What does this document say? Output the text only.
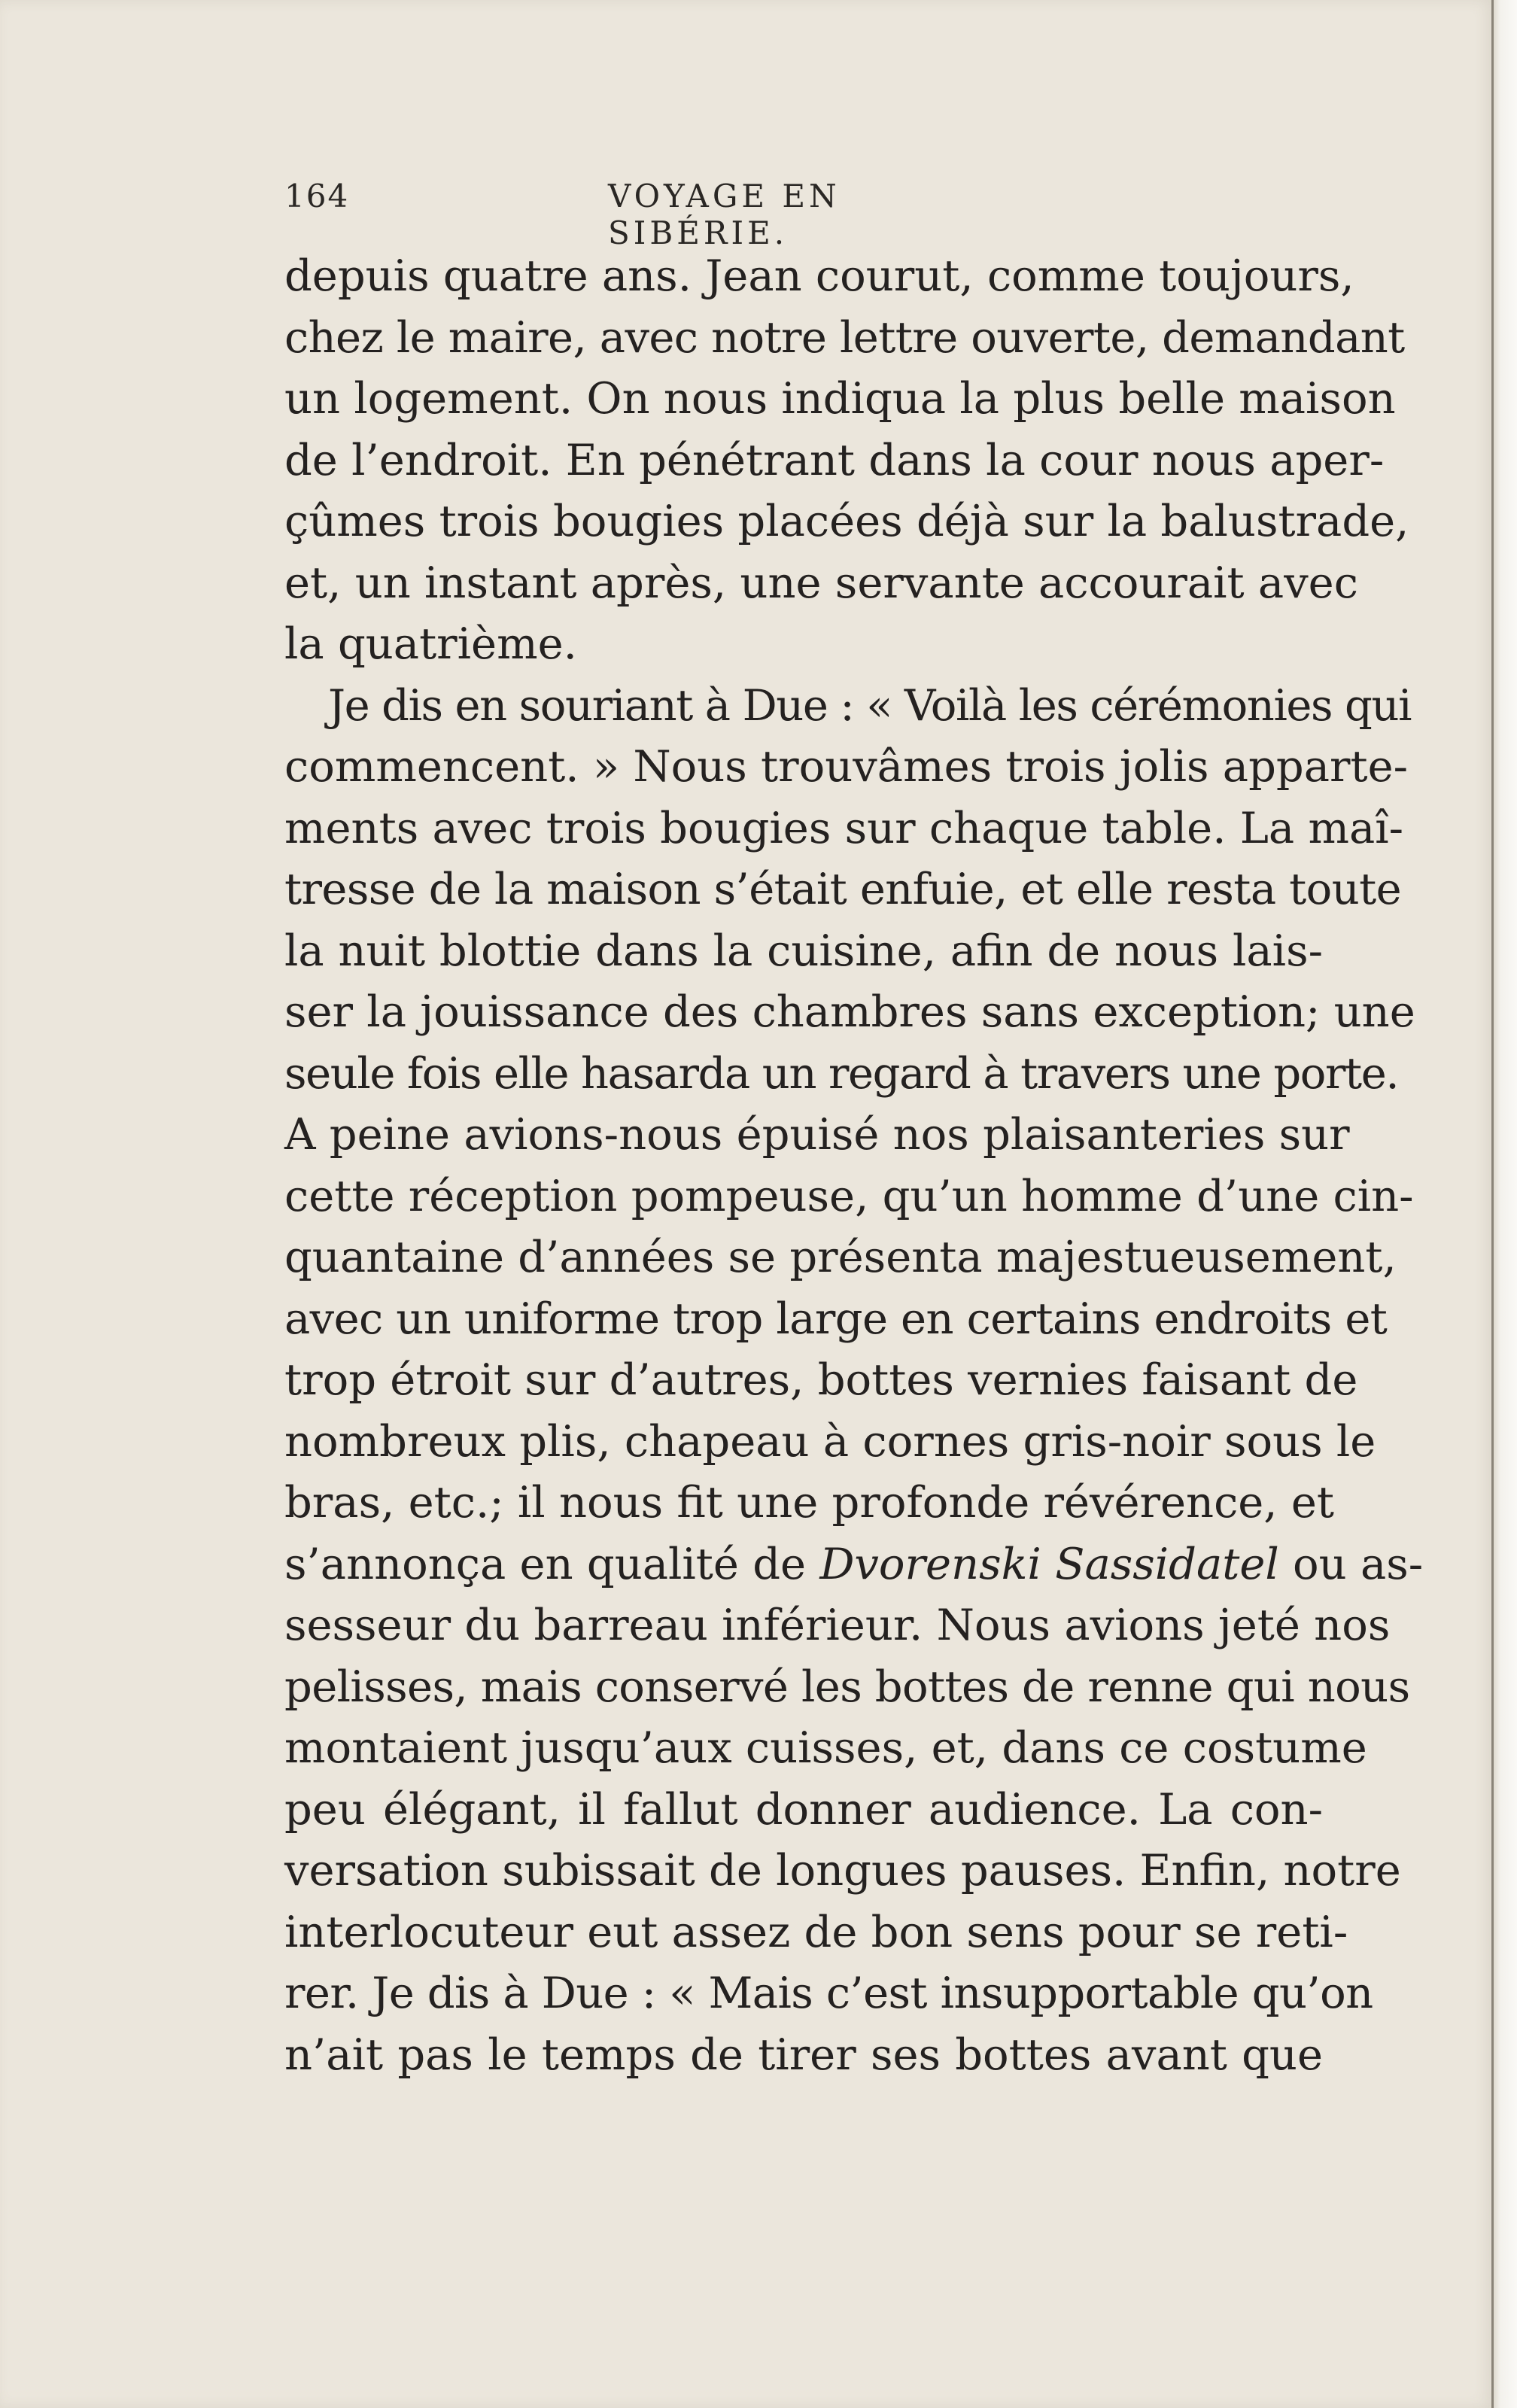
164	VOYAGE EN SIBÉRIE.
depuis quatre ans. Jean courut, comme toujours,
chez le maire, avec notre lettre ouverte, demandant
un logement. On nous indiqua la plus belle maison
de l’endroit. En pénétrant dans la cour nous aper-
çûmes trois bougies placées déjà sur la balustrade,
et, un instant après, une servante accourait avec
la quatrième.
Je dis en souriant à Due : « Voilà les cérémonies qui
commencent. » Nous trouvâmes trois jolis apparte-
ments avec trois bougies sur chaque table. La maî-
tresse de la maison s’était enfuie, et elle resta toute
la nuit blottie dans la cuisine, afin de nous lais-
ser la jouissance des chambres sans exception; une
seule fois elle hasarda un regard à travers une porte.
A peine avions-nous épuisé nos plaisanteries sur
cette réception pompeuse, qu’un homme d’une cin-
quantaine d’années se présenta majestueusement,
avec un uniforme trop large en certains endroits et
trop étroit sur d’autres, bottes vernies faisant de
nombreux plis, chapeau à cornes gris-noir sous le
bras, etc.; il nous fit une profonde révérence, et
s’annonça en qualité de Dvorenski Sassidatel ou as-
sesseur du barreau inférieur. Nous avions jeté nos
pelisses, mais conservé les bottes de renne qui nous
montaient jusqu’aux cuisses, et, dans ce costume
peu élégant, il fallut donner audience. La con-
versation subissait de longues pauses. Enfin, notre
interlocuteur eut assez de bon sens pour se reti-
rer. Je dis à Due : « Mais c’est insupportable qu’on
n’ait pas le temps de tirer ses bottes avant que
